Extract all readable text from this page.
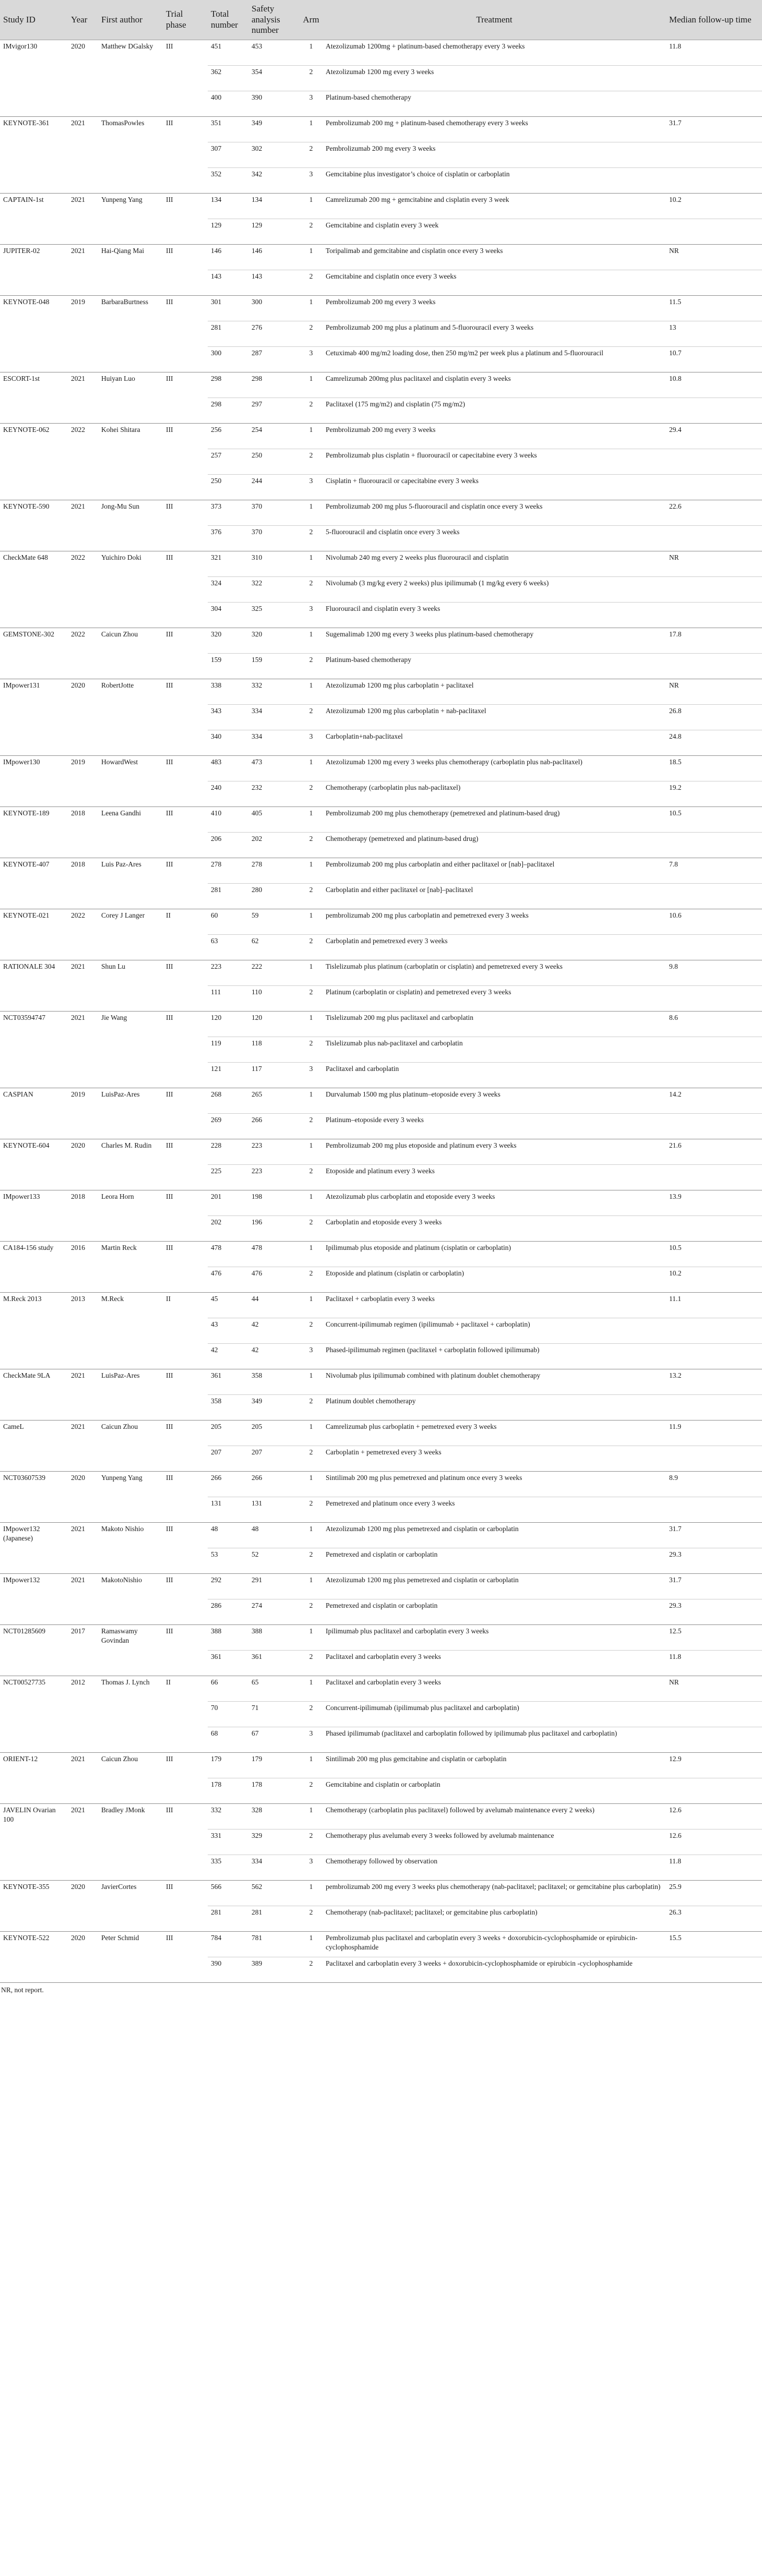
Study ID	Year	First author	Trial phase	Total number	Safety analysis number	Arm	Treatment	Median follow-up time
IMvigor130	2020	Matthew DGalsky	III	451	453	1	Atezolizumab 1200mg + platinum-based chemotherapy every 3 weeks	11.8
				362	354	2	Atezolizumab 1200 mg every 3 weeks	
				400	390	3	Platinum-based chemotherapy	
KEYNOTE-361	2021	ThomasPowles	III	351	349	1	Pembrolizumab 200 mg + platinum-based chemotherapy every 3 weeks	31.7
				307	302	2	Pembrolizumab 200 mg every 3 weeks	
				352	342	3	Gemcitabine plus investigator’s choice of cisplatin or carboplatin	
CAPTAIN-1st	2021	Yunpeng Yang	III	134	134	1	Camrelizumab 200 mg + gemcitabine and cisplatin every 3 week	10.2
				129	129	2	Gemcitabine and cisplatin every 3 week	
JUPITER-02	2021	Hai-Qiang Mai	III	146	146	1	Toripalimab and gemcitabine and cisplatin once every 3 weeks	NR
				143	143	2	Gemcitabine and cisplatin once every 3 weeks	
KEYNOTE-048	2019	BarbaraBurtness	III	301	300	1	Pembrolizumab 200 mg every 3 weeks	11.5
				281	276	2	Pembrolizumab 200 mg plus a platinum and 5-fluorouracil every 3 weeks	13
				300	287	3	Cetuximab 400 mg/m2 loading dose, then 250 mg/m2 per week plus a platinum and 5-fluorouracil	10.7
ESCORT-1st	2021	Huiyan Luo	III	298	298	1	Camrelizumab 200mg plus paclitaxel and cisplatin every 3 weeks	10.8
				298	297	2	Paclitaxel (175 mg/m2) and cisplatin (75 mg/m2)	
KEYNOTE-062	2022	Kohei Shitara	III	256	254	1	Pembrolizumab 200 mg every 3 weeks	29.4
				257	250	2	Pembrolizumab plus cisplatin + fluorouracil or capecitabine every 3 weeks	
				250	244	3	Cisplatin + fluorouracil or capecitabine every 3 weeks	
KEYNOTE-590	2021	Jong-Mu Sun	III	373	370	1	Pembrolizumab 200 mg plus 5-fluorouracil and cisplatin once every 3 weeks	22.6
				376	370	2	5-fluorouracil and cisplatin once every 3 weeks	
CheckMate 648	2022	Yuichiro Doki	III	321	310	1	Nivolumab 240 mg every 2 weeks plus fluorouracil and cisplatin	NR
				324	322	2	Nivolumab (3 mg/kg every 2 weeks) plus ipilimumab (1 mg/kg every 6 weeks)	
				304	325	3	Fluorouracil and cisplatin every 3 weeks	
GEMSTONE-302	2022	Caicun Zhou	III	320	320	1	Sugemalimab 1200 mg every 3 weeks plus platinum-based chemotherapy	17.8
				159	159	2	Platinum-based chemotherapy	
IMpower131	2020	RobertJotte	III	338	332	1	Atezolizumab 1200 mg plus carboplatin + paclitaxel	NR
				343	334	2	Atezolizumab 1200 mg plus carboplatin + nab-paclitaxel	26.8
				340	334	3	Carboplatin+nab-paclitaxel	24.8
IMpower130	2019	HowardWest	III	483	473	1	Atezolizumab 1200 mg every 3 weeks plus chemotherapy (carboplatin plus nab-paclitaxel)	18.5
				240	232	2	Chemotherapy (carboplatin plus nab-paclitaxel)	19.2
KEYNOTE-189	2018	Leena Gandhi	III	410	405	1	Pembrolizumab 200 mg plus chemotherapy (pemetrexed and platinum-based drug)	10.5
				206	202	2	Chemotherapy (pemetrexed and platinum-based drug)	
KEYNOTE-407	2018	Luis Paz-Ares	III	278	278	1	Pembrolizumab 200 mg plus carboplatin and either paclitaxel or [nab]–paclitaxel	7.8
				281	280	2	Carboplatin and either paclitaxel or [nab]–paclitaxel	
KEYNOTE-021	2022	Corey J Langer	II	60	59	1	pembrolizumab 200 mg plus carboplatin and pemetrexed every 3 weeks	10.6
				63	62	2	Carboplatin and pemetrexed every 3 weeks	
RATIONALE 304	2021	Shun Lu	III	223	222	1	Tislelizumab plus platinum (carboplatin or cisplatin) and pemetrexed every 3 weeks	9.8
				111	110	2	Platinum (carboplatin or cisplatin) and pemetrexed every 3 weeks	
NCT03594747	2021	Jie Wang	III	120	120	1	Tislelizumab 200 mg plus paclitaxel and carboplatin	8.6
				119	118	2	Tislelizumab plus nab-paclitaxel and carboplatin	
				121	117	3	Paclitaxel and carboplatin	
CASPIAN	2019	LuisPaz-Ares	III	268	265	1	Durvalumab 1500 mg plus platinum–etoposide every 3 weeks	14.2
				269	266	2	Platinum–etoposide every 3 weeks	
KEYNOTE-604	2020	Charles M. Rudin	III	228	223	1	Pembrolizumab 200 mg plus etoposide and platinum every 3 weeks	21.6
				225	223	2	Etoposide and platinum every 3 weeks	
IMpower133	2018	Leora Horn	III	201	198	1	Atezolizumab plus carboplatin and etoposide every 3 weeks	13.9
				202	196	2	Carboplatin and etoposide every 3 weeks	
CA184-156 study	2016	Martin Reck	III	478	478	1	Ipilimumab plus etoposide and platinum (cisplatin or carboplatin)	10.5
				476	476	2	Etoposide and platinum (cisplatin or carboplatin)	10.2
M.Reck 2013	2013	M.Reck	II	45	44	1	Paclitaxel + carboplatin every 3 weeks	11.1
				43	42	2	Concurrent-ipilimumab regimen (ipilimumab + paclitaxel + carboplatin)	
				42	42	3	Phased-ipilimumab regimen (paclitaxel + carboplatin followed ipilimumab)	
CheckMate 9LA	2021	LuisPaz-Ares	III	361	358	1	Nivolumab plus ipilimumab combined with platinum doublet chemotherapy	13.2
				358	349	2	Platinum doublet chemotherapy	
CameL	2021	Caicun Zhou	III	205	205	1	Camrelizumab plus carboplatin + pemetrexed every 3 weeks	11.9
				207	207	2	Carboplatin + pemetrexed every 3 weeks	
NCT03607539	2020	Yunpeng Yang	III	266	266	1	Sintilimab 200 mg plus pemetrexed and platinum once every 3 weeks	8.9
				131	131	2	Pemetrexed and platinum once every 3 weeks	
IMpower132 (Japanese)	2021	Makoto Nishio	III	48	48	1	Atezolizumab 1200 mg plus pemetrexed and cisplatin or carboplatin	31.7
				53	52	2	Pemetrexed and cisplatin or carboplatin	29.3
IMpower132	2021	MakotoNishio	III	292	291	1	Atezolizumab 1200 mg plus pemetrexed and cisplatin or carboplatin	31.7
				286	274	2	Pemetrexed and cisplatin or carboplatin	29.3
NCT01285609	2017	Ramaswamy Govindan	III	388	388	1	Ipilimumab plus paclitaxel and carboplatin every 3 weeks	12.5
				361	361	2	Paclitaxel and carboplatin every 3 weeks	11.8
NCT00527735	2012	Thomas J. Lynch	II	66	65	1	Paclitaxel and carboplatin every 3 weeks	NR
				70	71	2	Concurrent-ipilimumab (ipilimumab plus paclitaxel and carboplatin)	
				68	67	3	Phased ipilimumab (paclitaxel and carboplatin followed by ipilimumab plus paclitaxel and carboplatin)	
ORIENT-12	2021	Caicun Zhou	III	179	179	1	Sintilimab 200 mg plus gemcitabine and cisplatin or carboplatin	12.9
				178	178	2	Gemcitabine and cisplatin or carboplatin	
JAVELIN Ovarian 100	2021	Bradley JMonk	III	332	328	1	Chemotherapy (carboplatin plus paclitaxel) followed by avelumab maintenance every 2 weeks)	12.6
				331	329	2	Chemotherapy plus avelumab every 3 weeks followed by avelumab maintenance	12.6
				335	334	3	Chemotherapy followed by observation	11.8
KEYNOTE-355	2020	JavierCortes	III	566	562	1	pembrolizumab 200 mg every 3 weeks plus chemotherapy (nab-paclitaxel; paclitaxel; or gemcitabine plus carboplatin)	25.9
				281	281	2	Chemotherapy (nab-paclitaxel; paclitaxel; or gemcitabine plus carboplatin)	26.3
KEYNOTE-522	2020	Peter Schmid	III	784	781	1	Pembrolizumab plus paclitaxel and carboplatin every 3 weeks + doxorubicin-cyclophosphamide or epirubicin-cyclophosphamide	15.5
				390	389	2	Paclitaxel and carboplatin every 3 weeks + doxorubicin-cyclophosphamide or epirubicin -cyclophosphamide	
NR, not report.
